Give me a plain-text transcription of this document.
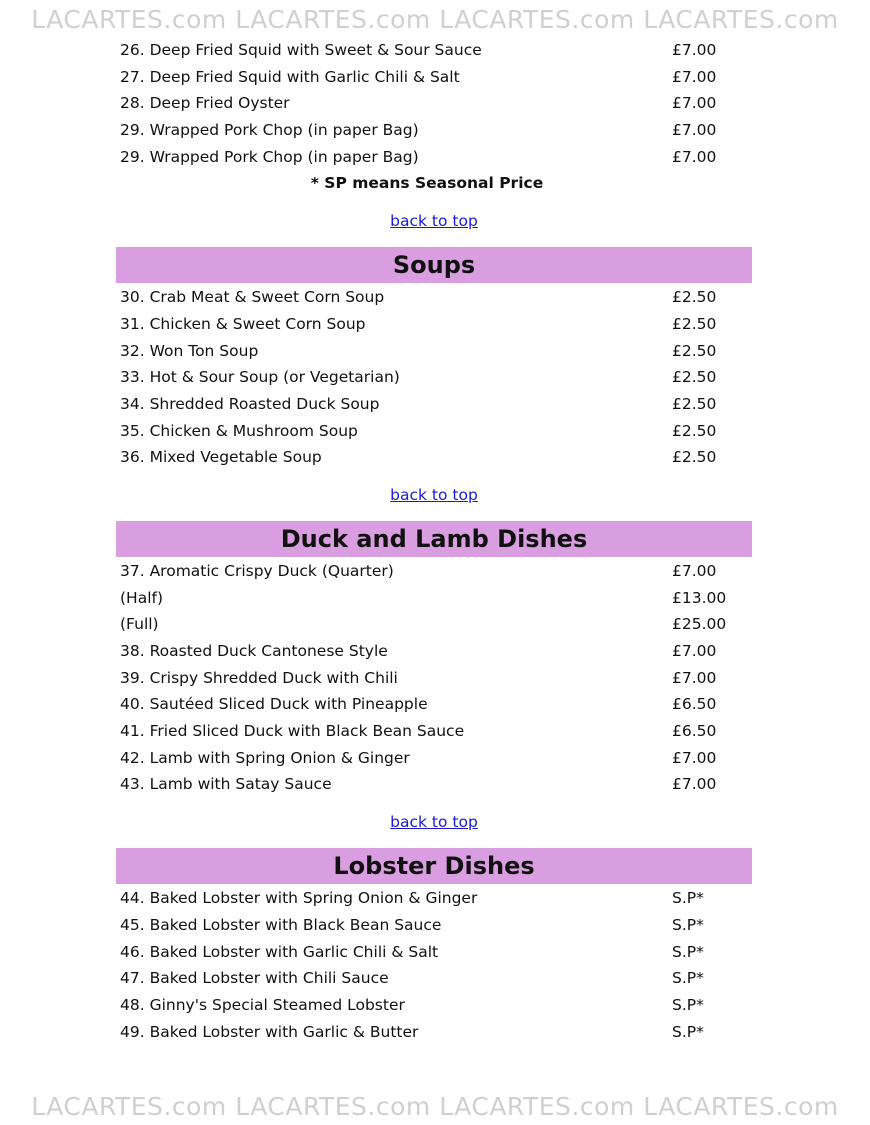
LACARTES.com LACARTES.com LACARTES.com LACARTES.com
26. Deep Fried Squid with Sweet & Sour Sauce	£7.00
27. Deep Fried Squid with Garlic Chili & Salt	£7.00
28. Deep Fried Oyster	£7.00
29. Wrapped Pork Chop (in paper Bag)	£7.00
29. Wrapped Pork Chop (in paper Bag)	£7.00
* SP means Seasonal Price
back to top
Soups
30. Crab Meat & Sweet Corn Soup	£2.50
31. Chicken & Sweet Corn Soup	£2.50
32. Won Ton Soup	£2.50
33. Hot & Sour Soup (or Vegetarian)	£2.50
34. Shredded Roasted Duck Soup	£2.50
35. Chicken & Mushroom Soup	£2.50
36. Mixed Vegetable Soup	£2.50
back to top
Duck and Lamb Dishes
37. Aromatic Crispy Duck (Quarter)	£7.00
(Half)	£13.00
(Full)	£25.00
38. Roasted Duck Cantonese Style	£7.00
39. Crispy Shredded Duck with Chili	£7.00
40. Sautéed Sliced Duck with Pineapple	£6.50
41. Fried Sliced Duck with Black Bean Sauce	£6.50
42. Lamb with Spring Onion & Ginger	£7.00
43. Lamb with Satay Sauce	£7.00
back to top
Lobster Dishes
44. Baked Lobster with Spring Onion & Ginger	S.P*
45. Baked Lobster with Black Bean Sauce	S.P*
46. Baked Lobster with Garlic Chili & Salt	S.P*
47. Baked Lobster with Chili Sauce	S.P*
48. Ginny's Special Steamed Lobster	S.P*
49. Baked Lobster with Garlic & Butter	S.P*
LACARTES.com LACARTES.com LACARTES.com LACARTES.com
